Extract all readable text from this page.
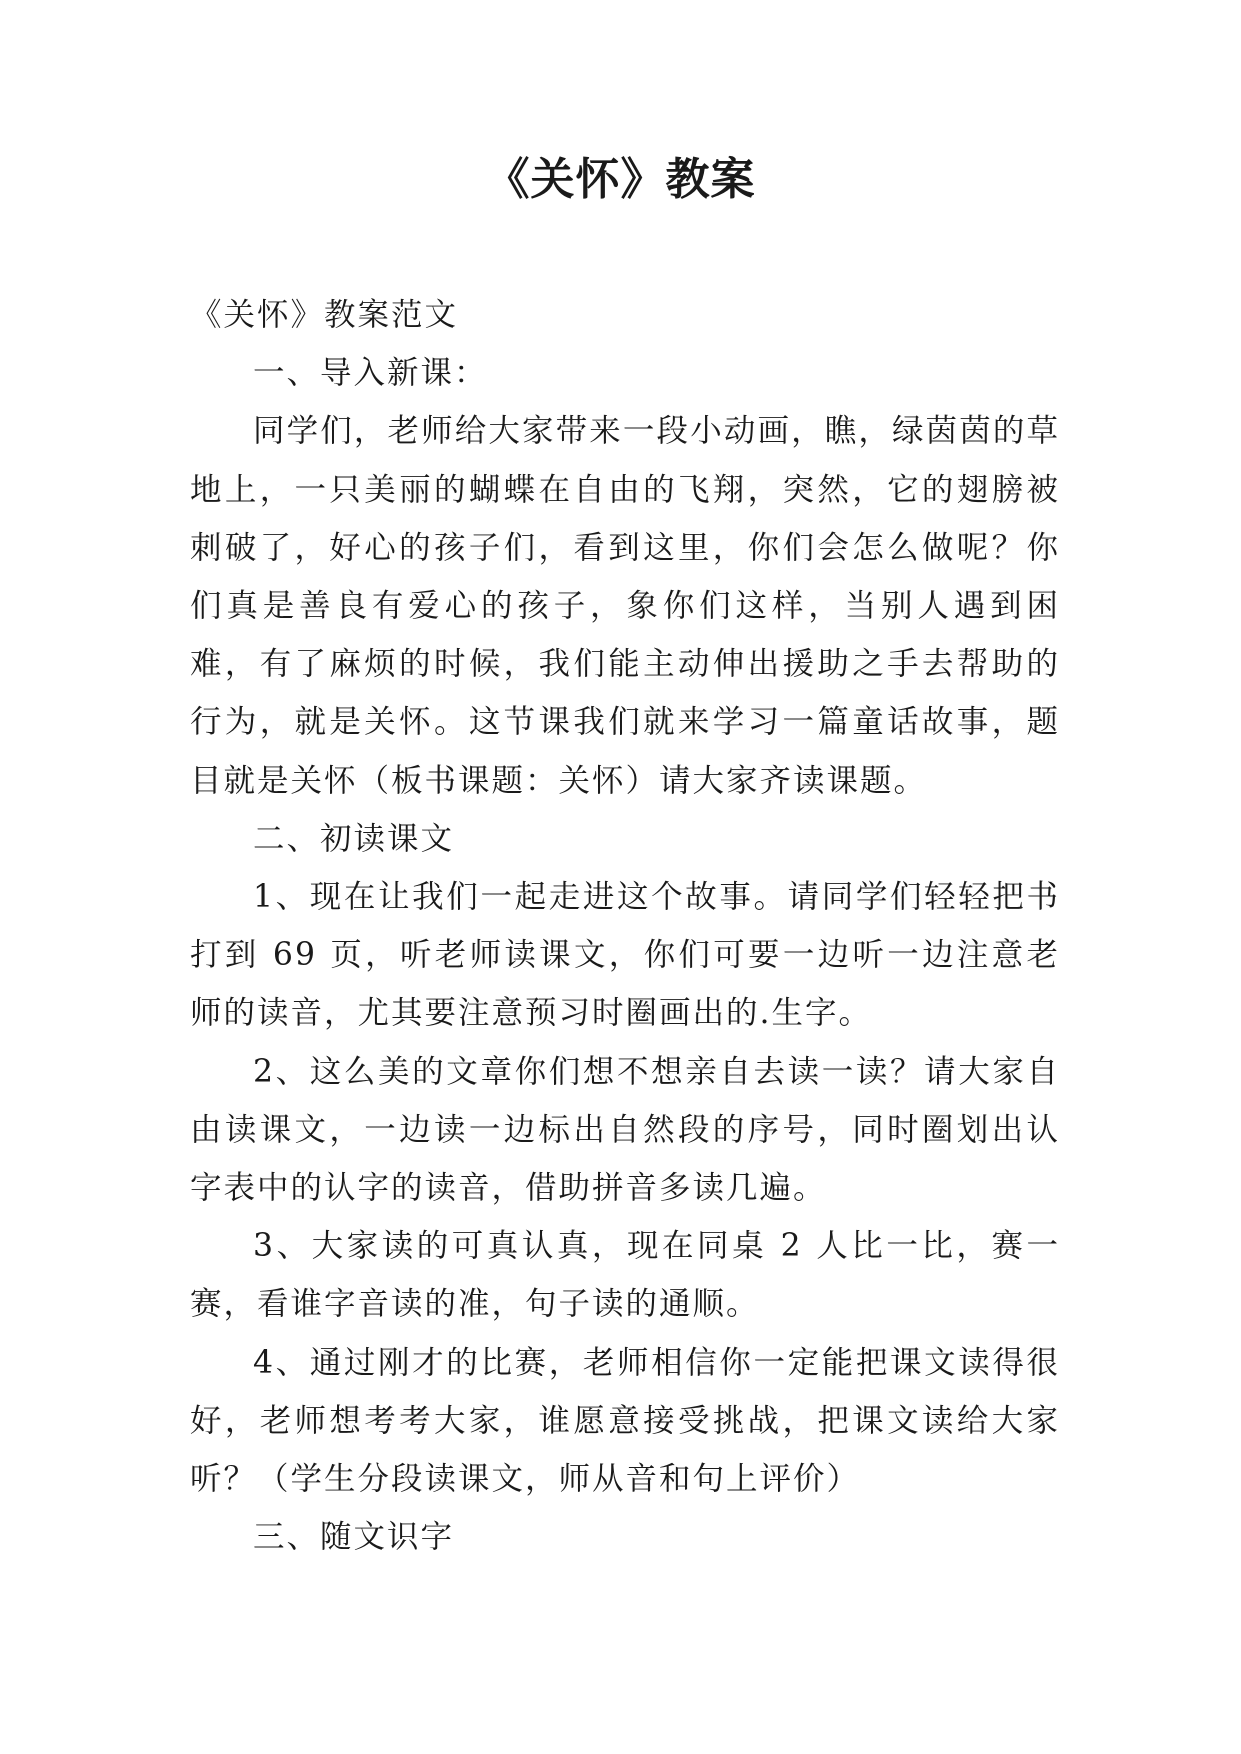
《关怀》教案

《关怀》教案范文

一、导入新课：

同学们，老师给大家带来一段小动画，瞧，绿茵茵的草地上，一只美丽的蝴蝶在自由的飞翔，突然，它的翅膀被刺破了，好心的孩子们，看到这里，你们会怎么做呢？你们真是善良有爱心的孩子，象你们这样，当别人遇到困难，有了麻烦的时候，我们能主动伸出援助之手去帮助的行为，就是关怀。这节课我们就来学习一篇童话故事，题目就是关怀（板书课题：关怀）请大家齐读课题。

二、初读课文

1、现在让我们一起走进这个故事。请同学们轻轻把书打到 69 页，听老师读课文，你们可要一边听一边注意老师的读音，尤其要注意预习时圈画出的.生字。

2、这么美的文章你们想不想亲自去读一读？请大家自由读课文，一边读一边标出自然段的序号，同时圈划出认字表中的认字的读音，借助拼音多读几遍。

3、大家读的可真认真，现在同桌 2 人比一比，赛一赛，看谁字音读的准，句子读的通顺。

4、通过刚才的比赛，老师相信你一定能把课文读得很好，老师想考考大家，谁愿意接受挑战，把课文读给大家听？（学生分段读课文，师从音和句上评价）

三、随文识字
